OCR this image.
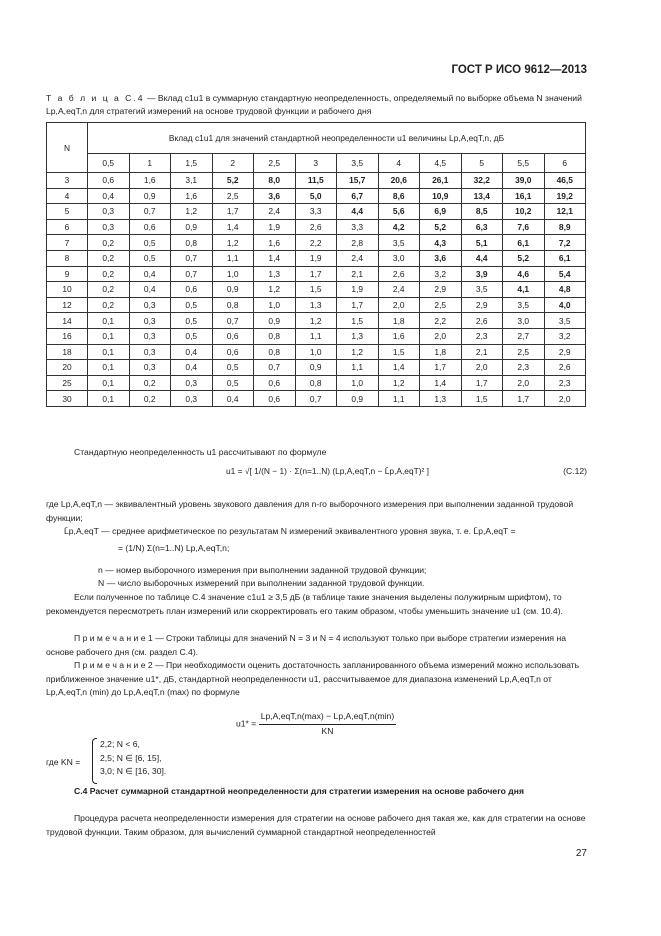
ГОСТ Р ИСО 9612—2013
Т а б л и ц а С.4 — Вклад c1u1 в суммарную стандартную неопределенность, определяемый по выборке объема N значений Lp,A,eqT,n для стратегий измерений на основе трудовой функции и рабочего дня
N	Вклад c1u1 для значений стандартной неопределенности u1 величины Lp,A,eqT,n, дБ											
	0,5	1	1,5	2	2,5	3	3,5	4	4,5	5	5,5	6
3	0,6	1,6	3,1	5,2	8,0	11,5	15,7	20,6	26,1	32,2	39,0	46,5
4	0,4	0,9	1,6	2,5	3,6	5,0	6,7	8,6	10,9	13,4	16,1	19,2
5	0,3	0,7	1,2	1,7	2,4	3,3	4,4	5,6	6,9	8,5	10,2	12,1
6	0,3	0,6	0,9	1,4	1,9	2,6	3,3	4,2	5,2	6,3	7,6	8,9
7	0,2	0,5	0,8	1,2	1,6	2,2	2,8	3,5	4,3	5,1	6,1	7,2
8	0,2	0,5	0,7	1,1	1,4	1,9	2,4	3,0	3,6	4,4	5,2	6,1
9	0,2	0,4	0,7	1,0	1,3	1,7	2,1	2,6	3,2	3,9	4,6	5,4
10	0,2	0,4	0,6	0,9	1,2	1,5	1,9	2,4	2,9	3,5	4,1	4,8
12	0,2	0,3	0,5	0,8	1,0	1,3	1,7	2,0	2,5	2,9	3,5	4,0
14	0,1	0,3	0,5	0,7	0,9	1,2	1,5	1,8	2,2	2,6	3,0	3,5
16	0,1	0,3	0,5	0,6	0,8	1,1	1,3	1,6	2,0	2,3	2,7	3,2
18	0,1	0,3	0,4	0,6	0,8	1,0	1,2	1,5	1,8	2,1	2,5	2,9
20	0,1	0,3	0,4	0,5	0,7	0,9	1,1	1,4	1,7	2,0	2,3	2,6
25	0,1	0,2	0,3	0,5	0,6	0,8	1,0	1,2	1,4	1,7	2,0	2,3
30	0,1	0,2	0,3	0,4	0,6	0,7	0,9	1,1	1,3	1,5	1,7	2,0
Стандартную неопределенность u1 рассчитывают по формуле
u1 = √[ 1/(N − 1) · Σ(n=1..N) (Lp,A,eqT,n − L̄p,A,eqT)² ]	(C.12)
где Lp,A,eqT,n — эквивалентный уровень звукового давления для n-го выборочного измерения при выполнении заданной трудовой функции;
L̄p,A,eqT — среднее арифметическое по результатам N измерений эквивалентного уровня звука, т. е. L̄p,A,eqT =
= (1/N) Σ(n=1..N) Lp,A,eqT,n;
n — номер выборочного измерения при выполнении заданной трудовой функции;
N — число выборочных измерений при выполнении заданной трудовой функции.
Если полученное по таблице С.4 значение c1u1 ≥ 3,5 дБ (в таблице такие значения выделены полужирным шрифтом), то рекомендуется пересмотреть план измерений или скорректировать его таким образом, чтобы уменьшить значение u1 (см. 10.4).
П р и м е ч а н и е 1 — Строки таблицы для значений N = 3 и N = 4 используют только при выборе стратегии измерения на основе рабочего дня (см. раздел С.4).
П р и м е ч а н и е 2 — При необходимости оценить достаточность запланированного объема измерений можно использовать приближенное значение u1*, дБ, стандартной неопределенности u1, рассчитываемое для диапазона изменений Lp,A,eqT,n от Lp,A,eqT,n (min) до Lp,A,eqT,n (max) по формуле
$u1* = \frac{\text{Lp,A,eqT,n(max) − Lp,A,eqT,n(min)}}{KN}$
где KN =
2,2; N < 6,
2,5; N ∈ [6, 15],
3,0; N ∈ [16, 30].
С.4 Расчет суммарной стандартной неопределенности для стратегии измерения на основе рабочего дня
Процедура расчета неопределенности измерения для стратегии на основе рабочего дня такая же, как для стратегии на основе трудовой функции. Таким образом, для вычислений суммарной стандартной неопределенностей
27
